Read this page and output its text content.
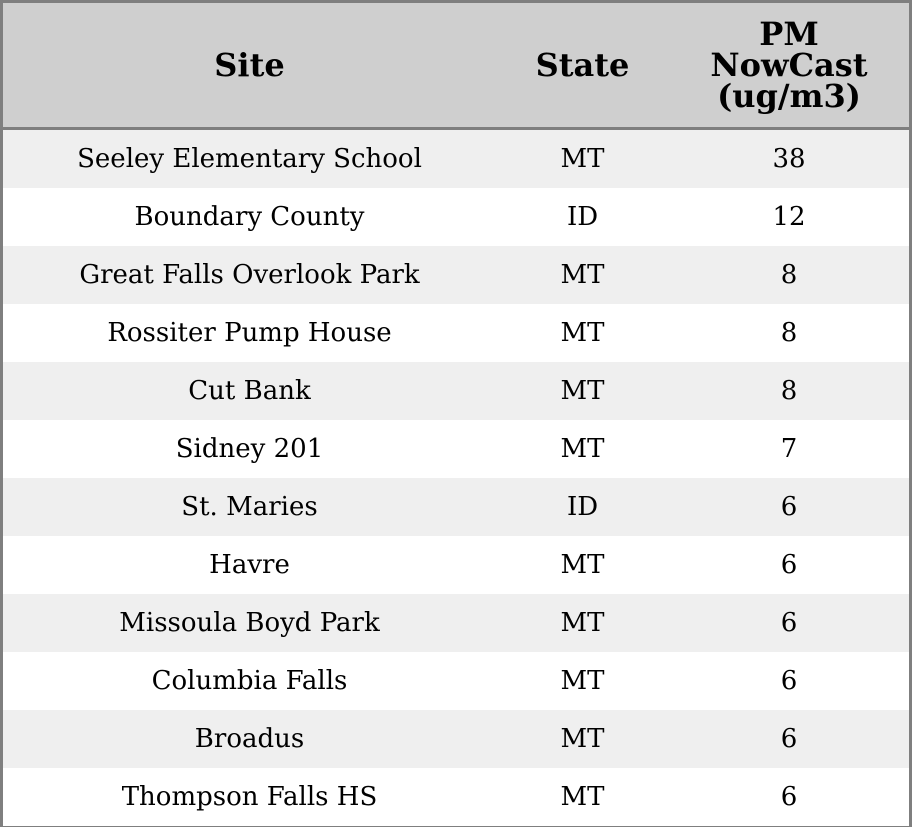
Site	State	PM
NowCast
(ug/m3)
Seeley Elementary School	MT	38
Boundary County	ID	12
Great Falls Overlook Park	MT	8
Rossiter Pump House	MT	8
Cut Bank	MT	8
Sidney 201	MT	7
St. Maries	ID	6
Havre	MT	6
Missoula Boyd Park	MT	6
Columbia Falls	MT	6
Broadus	MT	6
Thompson Falls HS	MT	6
